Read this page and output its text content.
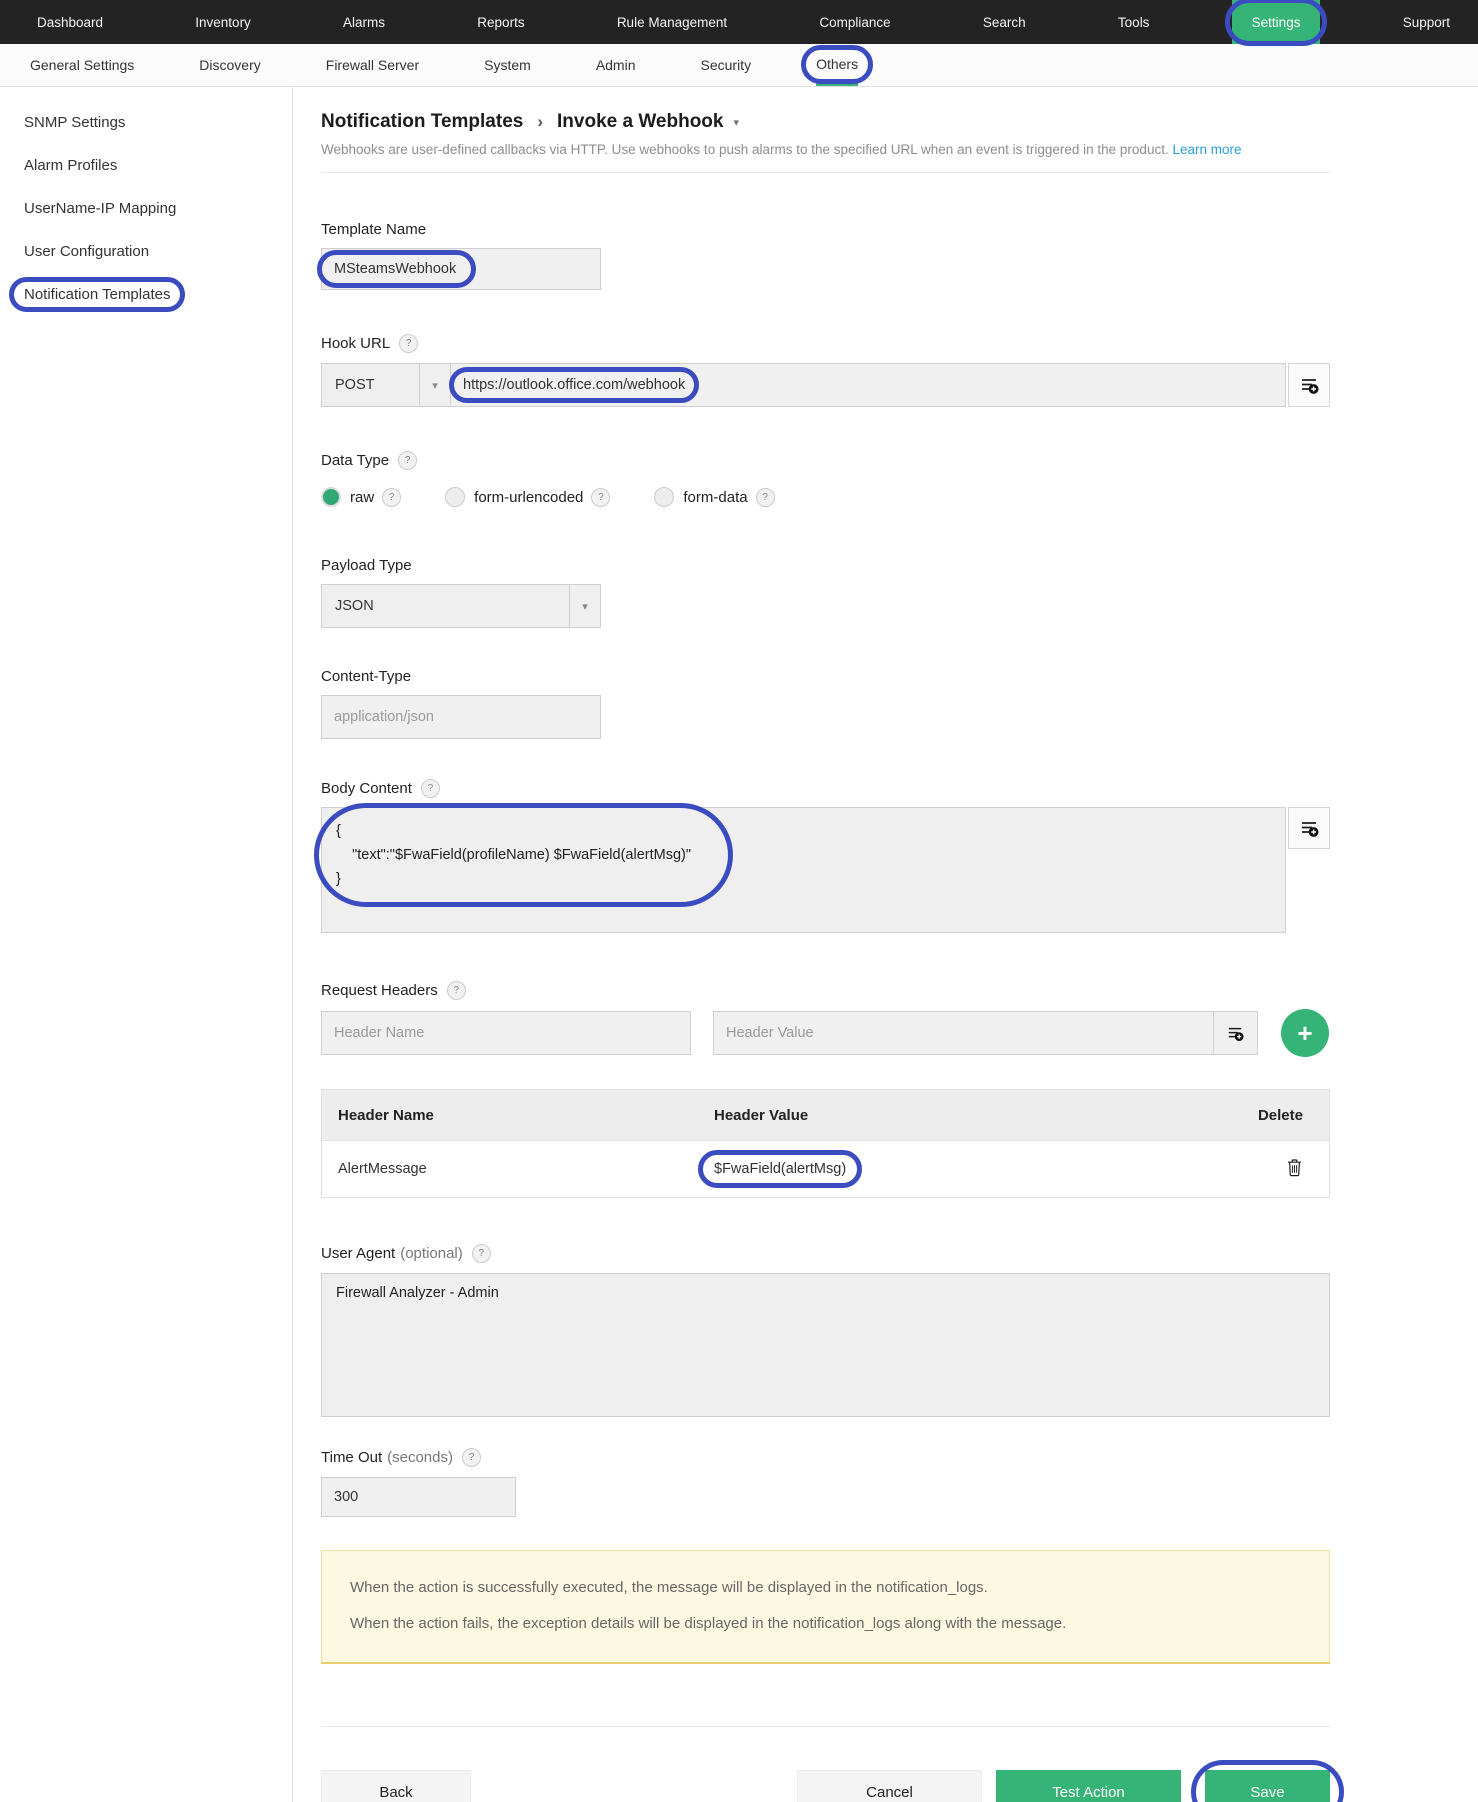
Dashboard	Inventory	Alarms	Reports	Rule Management	Compliance	Search	Tools	Settings	Support
General Settings	Discovery	Firewall Server	System	Admin	Security	Others
SNMP Settings
Alarm Profiles
UserName-IP Mapping
User Configuration
Notification Templates
Notification Templates › Invoke a Webhook ▾
Webhooks are user-defined callbacks via HTTP. Use webhooks to push alarms to the specified URL when an event is triggered in the product. Learn more
Template Name
MSteamsWebhook
Hook URL	?
POST	▾	https://outlook.office.com/webhook
Data Type	?
raw	?	form-urlencoded	?	form-data	?
Payload Type
JSON	▾
Content-Type
application/json
Body Content	?
{
"text":"$FwaField(profileName) $FwaField(alertMsg)"
}
Request Headers	?
Header Name	Header Value	+
Header Name	Header Value	Delete
AlertMessage	$FwaField(alertMsg)
User Agent (optional)	?
Firewall Analyzer - Admin
Time Out (seconds)	?
300
When the action is successfully executed, the message will be displayed in the notification_logs.
When the action fails, the exception details will be displayed in the notification_logs along with the message.
Back	Cancel	Test Action	Save
